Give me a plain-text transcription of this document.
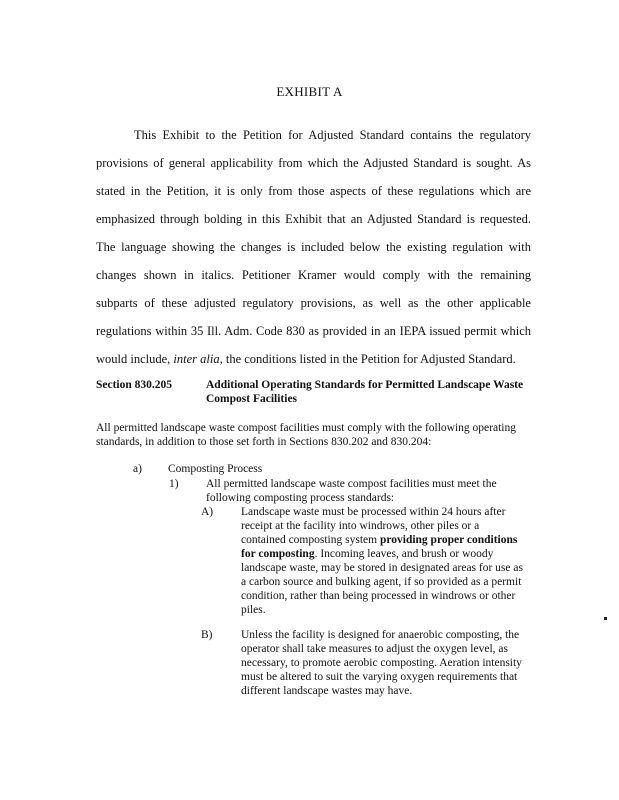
EXHIBIT A

This Exhibit to the Petition for Adjusted Standard contains the regulatory provisions of general applicability from which the Adjusted Standard is sought. As stated in the Petition, it is only from those aspects of these regulations which are emphasized through bolding in this Exhibit that an Adjusted Standard is requested. The language showing the changes is included below the existing regulation with changes shown in italics. Petitioner Kramer would comply with the remaining subparts of these adjusted regulatory provisions, as well as the other applicable regulations within 35 Ill. Adm. Code 830 as provided in an IEPA issued permit which would include, inter alia, the conditions listed in the Petition for Adjusted Standard.

Section 830.205	Additional Operating Standards for Permitted Landscape Waste Compost Facilities
All permitted landscape waste compost facilities must comply with the following operating standards, in addition to those set forth in Sections 830.202 and 830.204:
a) Composting Process
1) All permitted landscape waste compost facilities must meet the following composting process standards:
A) Landscape waste must be processed within 24 hours after receipt at the facility into windrows, other piles or a contained composting system providing proper conditions for composting. Incoming leaves, and brush or woody landscape waste, may be stored in designated areas for use as a carbon source and bulking agent, if so provided as a permit condition, rather than being processed in windrows or other piles.
B) Unless the facility is designed for anaerobic composting, the operator shall take measures to adjust the oxygen level, as necessary, to promote aerobic composting. Aeration intensity must be altered to suit the varying oxygen requirements that different landscape wastes may have.
